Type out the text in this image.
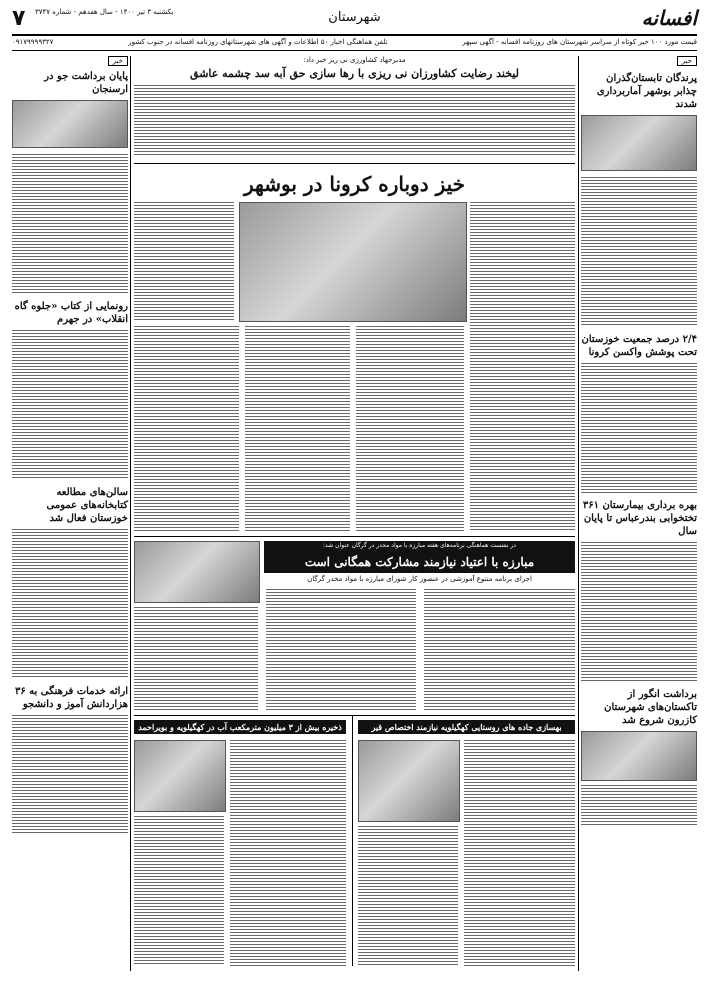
۷	افسانه
یکشنبه ۳ تیر ۱۴۰۰ - سال هفدهم - شماره ۳۷۴۷	شهرستان
۰۹۱۷۹۹۹۹۳۲۷	تلفن هماهنگی اخبار ۵۰ اطلاعات و آگهی های شهرستانهای روزنامه افسانه در جنوب کشور	قیمت مورد ۱۰۰ خبر کوتاه از سراسر شهرستان های روزنامه افسانه - آگهی سپهر
خبر
پرندگان تابستان‌گذران چذابر بوشهر آماربرداری شدند
۲/۴ درصد جمعیت خوزستان تحت پوشش واکسن کرونا
بهره برداری بیمارستان ۳۶۱ تختخوابی بندرعباس تا پایان سال
برداشت انگور از تاکستان‌های شهرستان کازرون شروع شد
خبر
پایان برداشت جو در ارسنجان
رونمایی از کتاب «جلوه گاه انقلاب» در جهرم
سالن‌های مطالعه کتابخانه‌های عمومی خوزستان فعال شد
ارائه خدمات فرهنگی به ۳۶ هزاردانش آموز و دانشجو
مدیرجهاد کشاورزی نی ریز خبر داد:
لیخند رضایت کشاورزان نی ریزی با رها سازی حق آبه سد چشمه عاشق
خیز دوباره کرونا در بوشهر
در نشست هماهنگی برنامه‌های هفته مبارزه با مواد مخدر در گرگان عنوان شد:
مبارزه با اعتیاد نیازمند مشارکت همگانی است
اجرای برنامه متنوع آموزشی در عنصور کار شورای مبارزه با مواد مخدر گرگان
ذخیره بیش از ۳ میلیون مترمکعب آب در کهگیلویه و بویراحمد	بهسازی جاده های روستایی کهگیلویه نیازمند اختصاص قیر
